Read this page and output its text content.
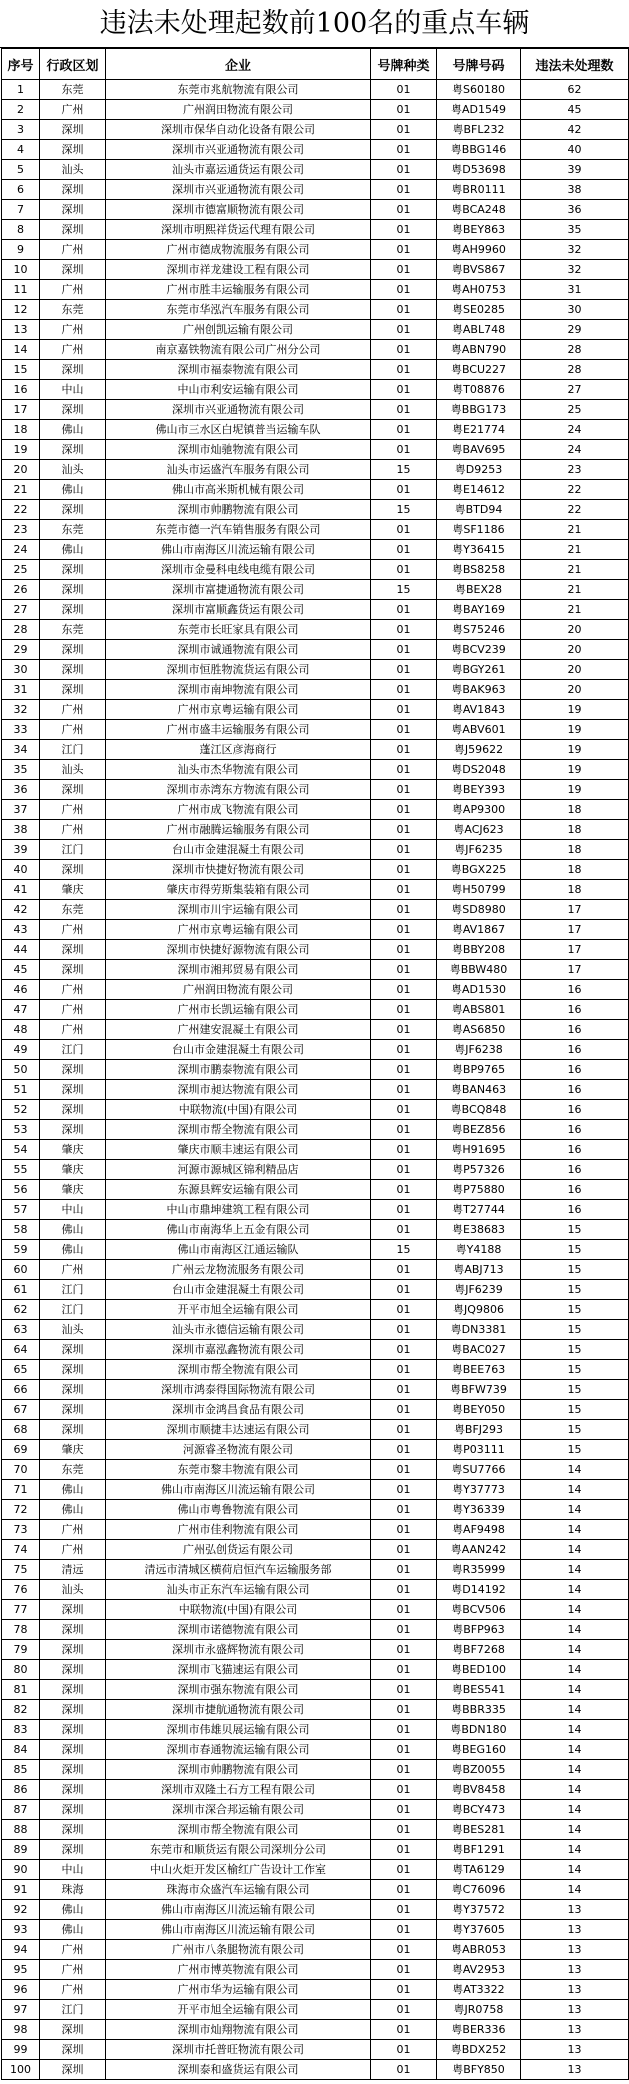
违法未处理起数前100名的重点车辆
序号	行政区划	企业	号牌种类	号牌号码	违法未处理数
1	东莞	东莞市兆航物流有限公司	01	粤S60180	62
2	广州	广州润田物流有限公司	01	粤AD1549	45
3	深圳	深圳市保华自动化设备有限公司	01	粤BFL232	42
4	深圳	深圳市兴亚通物流有限公司	01	粤BBG146	40
5	汕头	汕头市嘉运通货运有限公司	01	粤D53698	39
6	深圳	深圳市兴亚通物流有限公司	01	粤BR0111	38
7	深圳	深圳市德富顺物流有限公司	01	粤BCA248	36
8	深圳	深圳市明熙祥货运代理有限公司	01	粤BEY863	35
9	广州	广州市德成物流服务有限公司	01	粤AH9960	32
10	深圳	深圳市祥龙建设工程有限公司	01	粤BVS867	32
11	广州	广州市胜丰运输服务有限公司	01	粤AH0753	31
12	东莞	东莞市华泓汽车服务有限公司	01	粤SE0285	30
13	广州	广州创凯运输有限公司	01	粤ABL748	29
14	广州	南京嘉铁物流有限公司广州分公司	01	粤ABN790	28
15	深圳	深圳市福泰物流有限公司	01	粤BCU227	28
16	中山	中山市利安运输有限公司	01	粤T08876	27
17	深圳	深圳市兴亚通物流有限公司	01	粤BBG173	25
18	佛山	佛山市三水区白坭镇普当运输车队	01	粤E21774	24
19	深圳	深圳市灿驰物流有限公司	01	粤BAV695	24
20	汕头	汕头市运盛汽车服务有限公司	15	粤D9253	23
21	佛山	佛山市高米斯机械有限公司	01	粤E14612	22
22	深圳	深圳市帅鹏物流有限公司	15	粤BTD94	22
23	东莞	东莞市德一汽车销售服务有限公司	01	粤SF1186	21
24	佛山	佛山市南海区川流运输有限公司	01	粤Y36415	21
25	深圳	深圳市金曼科电线电缆有限公司	01	粤BS8258	21
26	深圳	深圳市富捷通物流有限公司	15	粤BEX28	21
27	深圳	深圳市富顺鑫货运有限公司	01	粤BAY169	21
28	东莞	东莞市长旺家具有限公司	01	粤S75246	20
29	深圳	深圳市诚通物流有限公司	01	粤BCV239	20
30	深圳	深圳市恒胜物流货运有限公司	01	粤BGY261	20
31	深圳	深圳市南坤物流有限公司	01	粤BAK963	20
32	广州	广州市京粤运输有限公司	01	粤AV1843	19
33	广州	广州市盛丰运输服务有限公司	01	粤ABV601	19
34	江门	蓬江区彦海商行	01	粤J59622	19
35	汕头	汕头市杰华物流有限公司	01	粤DS2048	19
36	深圳	深圳市赤湾东方物流有限公司	01	粤BEY393	19
37	广州	广州市成飞物流有限公司	01	粤AP9300	18
38	广州	广州市融腾运输服务有限公司	01	粤ACJ623	18
39	江门	台山市金建混凝土有限公司	01	粤JF6235	18
40	深圳	深圳市快捷好物流有限公司	01	粤BGX225	18
41	肇庆	肇庆市得劳斯集装箱有限公司	01	粤H50799	18
42	东莞	深圳市川宇运输有限公司	01	粤SD8980	17
43	广州	广州市京粤运输有限公司	01	粤AV1867	17
44	深圳	深圳市快捷好源物流有限公司	01	粤BBY208	17
45	深圳	深圳市湘邦贸易有限公司	01	粤BBW480	17
46	广州	广州润田物流有限公司	01	粤AD1530	16
47	广州	广州市长凯运输有限公司	01	粤ABS801	16
48	广州	广州建安混凝土有限公司	01	粤AS6850	16
49	江门	台山市金建混凝土有限公司	01	粤JF6238	16
50	深圳	深圳市鹏泰物流有限公司	01	粤BP9765	16
51	深圳	深圳市昶达物流有限公司	01	粤BAN463	16
52	深圳	中联物流(中国)有限公司	01	粤BCQ848	16
53	深圳	深圳市帮全物流有限公司	01	粤BEZ856	16
54	肇庆	肇庆市顺丰速运有限公司	01	粤H91695	16
55	肇庆	河源市源城区锦利精品店	01	粤P57326	16
56	肇庆	东源县辉安运输有限公司	01	粤P75880	16
57	中山	中山市鼎坤建筑工程有限公司	01	粤T27744	16
58	佛山	佛山市南海华上五金有限公司	01	粤E38683	15
59	佛山	佛山市南海区江通运输队	15	粤Y4188	15
60	广州	广州云龙物流服务有限公司	01	粤ABJ713	15
61	江门	台山市金建混凝土有限公司	01	粤JF6239	15
62	江门	开平市旭全运输有限公司	01	粤JQ9806	15
63	汕头	汕头市永德信运输有限公司	01	粤DN3381	15
64	深圳	深圳市嘉泓鑫物流有限公司	01	粤BAC027	15
65	深圳	深圳市帮全物流有限公司	01	粤BEE763	15
66	深圳	深圳市鸿泰得国际物流有限公司	01	粤BFW739	15
67	深圳	深圳市金鸿昌食品有限公司	01	粤BEY050	15
68	深圳	深圳市顺捷丰达速运有限公司	01	粤BFJ293	15
69	肇庆	河源睿圣物流有限公司	01	粤P03111	15
70	东莞	东莞市黎丰物流有限公司	01	粤SU7766	14
71	佛山	佛山市南海区川流运输有限公司	01	粤Y37773	14
72	佛山	佛山市粤鲁物流有限公司	01	粤Y36339	14
73	广州	广州市佳利物流有限公司	01	粤AF9498	14
74	广州	广州弘创货运有限公司	01	粤AAN242	14
75	清远	清远市清城区横荷启恒汽车运输服务部	01	粤R35999	14
76	汕头	汕头市正东汽车运输有限公司	01	粤D14192	14
77	深圳	中联物流(中国)有限公司	01	粤BCV506	14
78	深圳	深圳市诺德物流有限公司	01	粤BFP963	14
79	深圳	深圳市永盛辉物流有限公司	01	粤BF7268	14
80	深圳	深圳市飞猫速运有限公司	01	粤BED100	14
81	深圳	深圳市强东物流有限公司	01	粤BES541	14
82	深圳	深圳市捷航通物流有限公司	01	粤BBR335	14
83	深圳	深圳市伟雄贝展运输有限公司	01	粤BDN180	14
84	深圳	深圳市春通物流运输有限公司	01	粤BEG160	14
85	深圳	深圳市帅鹏物流有限公司	01	粤BZ0055	14
86	深圳	深圳市双隆土石方工程有限公司	01	粤BV8458	14
87	深圳	深圳市深合邦运输有限公司	01	粤BCY473	14
88	深圳	深圳市帮全物流有限公司	01	粤BES281	14
89	深圳	东莞市和顺货运有限公司深圳分公司	01	粤BF1291	14
90	中山	中山火炬开发区榆红广告设计工作室	01	粤TA6129	14
91	珠海	珠海市众盛汽车运输有限公司	01	粤C76096	14
92	佛山	佛山市南海区川流运输有限公司	01	粤Y37572	13
93	佛山	佛山市南海区川流运输有限公司	01	粤Y37605	13
94	广州	广州市八条腿物流有限公司	01	粤ABR053	13
95	广州	广州市博英物流有限公司	01	粤AV2953	13
96	广州	广州市华为运输有限公司	01	粤AT3322	13
97	江门	开平市旭全运输有限公司	01	粤JR0758	13
98	深圳	深圳市灿翔物流有限公司	01	粤BER336	13
99	深圳	深圳市托普旺物流有限公司	01	粤BDX252	13
100	深圳	深圳泰和盛货运有限公司	01	粤BFY850	13
